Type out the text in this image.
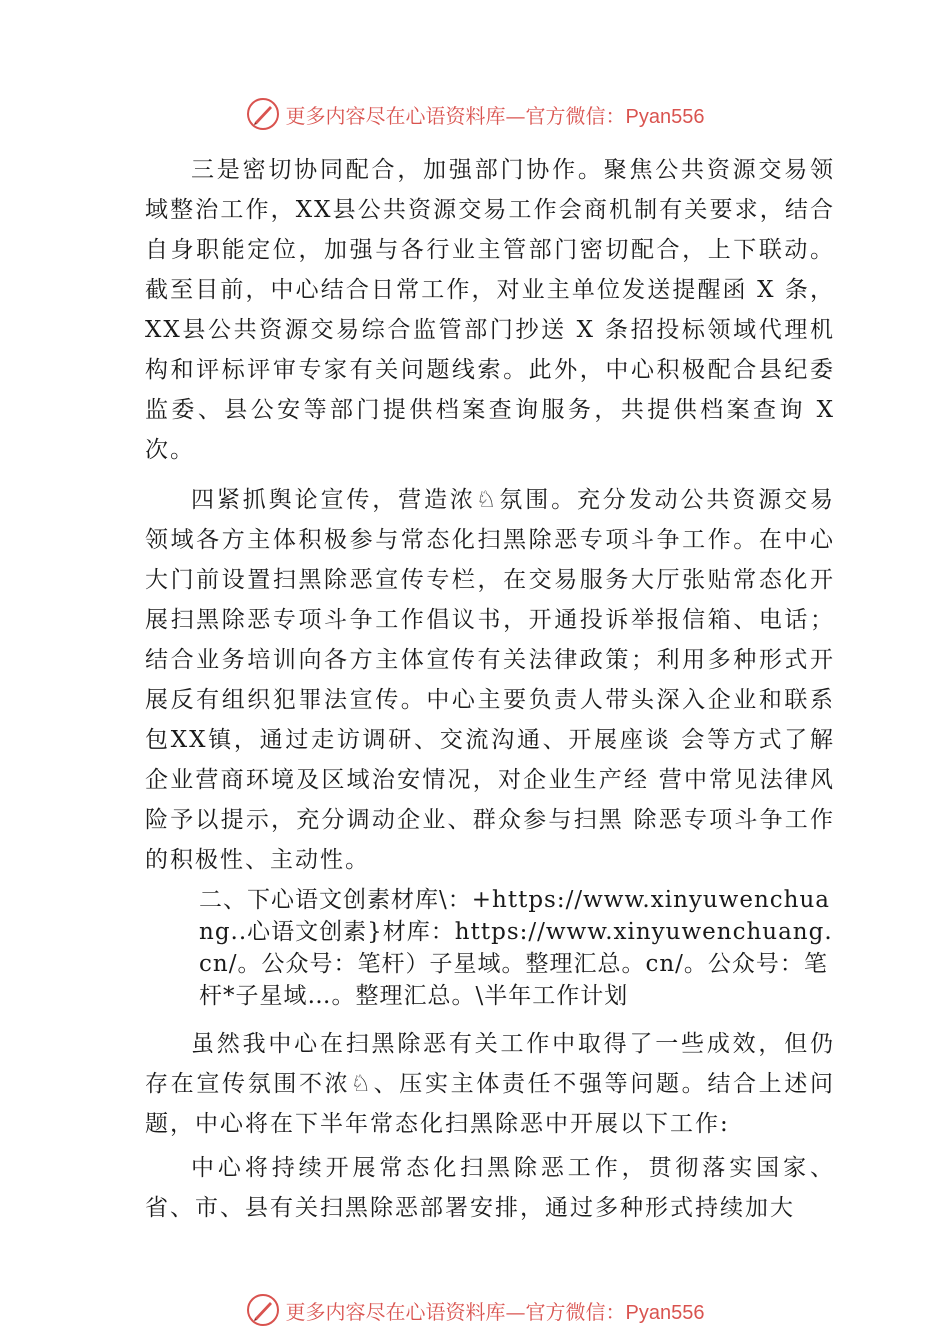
更多内容尽在心语资料库—官方微信：Pyan556

三是密切协同配合，加强部门协作。聚焦公共资源交易领域整治工作，XX县公共资源交易工作会商机制有关要求，结合自身职能定位，加强与各行业主管部门密切配合，上下联动。截至目前，中心结合日常工作，对业主单位发送提醒函 X 条，XX县公共资源交易综合监管部门抄送 X 条招投标领域代理机构和评标评审专家有关问题线索。此外，中心积极配合县纪委监委、县公安等部门提供档案查询服务，共提供档案查询 X次。

四紧抓舆论宣传，营造浓♘氛围。充分发动公共资源交易领域各方主体积极参与常态化扫黑除恶专项斗争工作。在中心大门前设置扫黑除恶宣传专栏，在交易服务大厅张贴常态化开展扫黑除恶专项斗争工作倡议书，开通投诉举报信箱、电话；结合业务培训向各方主体宣传有关法律政策；利用多种形式开展反有组织犯罪法宣传。中心主要负责人带头深入企业和联系包XX镇，通过走访调研、交流沟通、开展座谈 会等方式了解企业营商环境及区域治安情况，对企业生产经 营中常见法律风险予以提示，充分调动企业、群众参与扫黑 除恶专项斗争工作的积极性、主动性。

二、下心语文创素材库\：+https://www.xinyuwenchuang..心语文创素}材库：https://www.xinyuwenchuang.cn/。公众号：笔杆）子星域。整理汇总。cn/。公众号：笔杆*子星域…。整理汇总。\半年工作计划

虽然我中心在扫黑除恶有关工作中取得了一些成效，但仍存在宣传氛围不浓♘、压实主体责任不强等问题。结合上述问题，中心将在下半年常态化扫黑除恶中开展以下工作:

中心将持续开展常态化扫黑除恶工作，贯彻落实国家、省、市、县有关扫黑除恶部署安排，通过多种形式持续加大

更多内容尽在心语资料库—官方微信：Pyan556
